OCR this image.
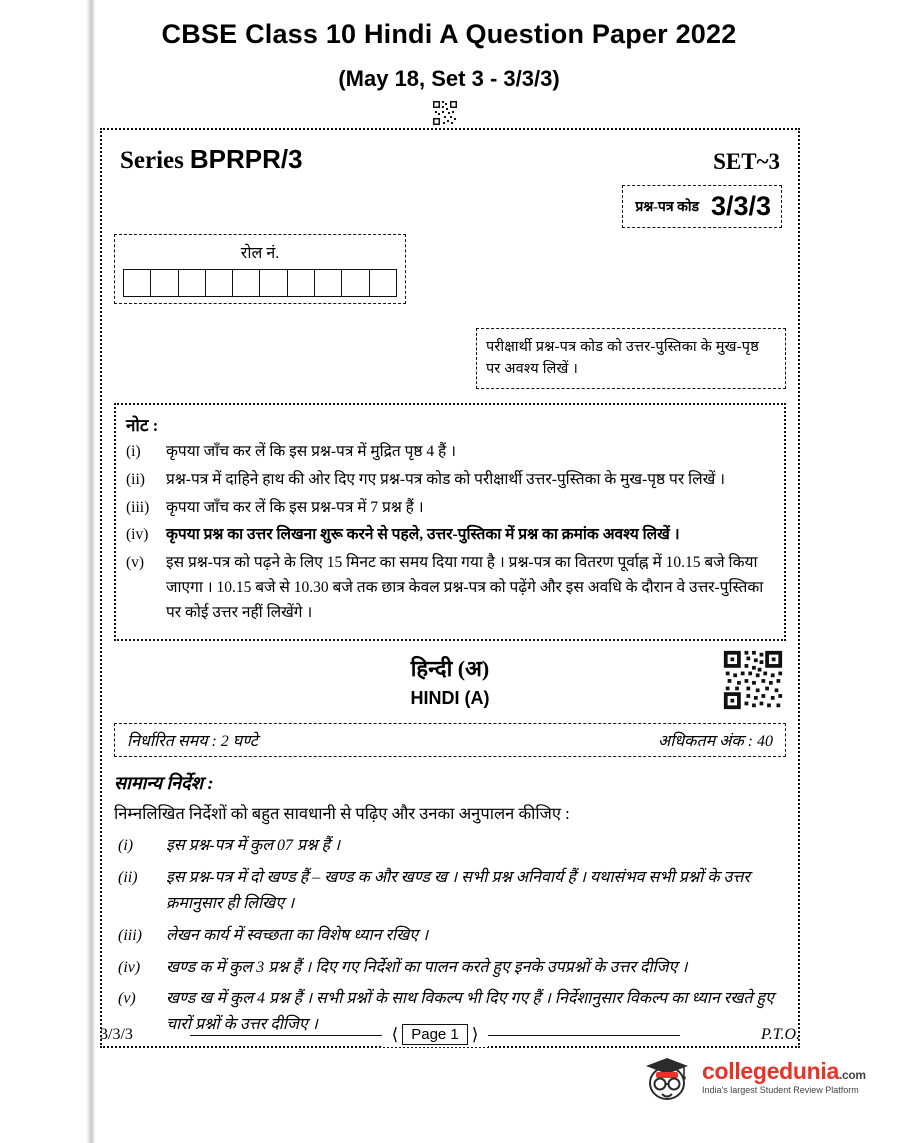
CBSE Class 10 Hindi A Question Paper 2022
(May 18, Set 3 - 3/3/3)
Series BPRPR/3	SET~3
प्रश्न-पत्र कोड 3/3/3
रोल नं.
परीक्षार्थी प्रश्न-पत्र कोड को उत्तर-पुस्तिका के मुख-पृष्ठ पर अवश्य लिखें ।
नोट :
(i)	कृपया जाँच कर लें कि इस प्रश्न-पत्र में मुद्रित पृष्ठ 4 हैं ।
(ii)	प्रश्न-पत्र में दाहिने हाथ की ओर दिए गए प्रश्न-पत्र कोड को परीक्षार्थी उत्तर-पुस्तिका के मुख-पृष्ठ पर लिखें ।
(iii)	कृपया जाँच कर लें कि इस प्रश्न-पत्र में 7 प्रश्न हैं ।
(iv)	कृपया प्रश्न का उत्तर लिखना शुरू करने से पहले, उत्तर-पुस्तिका में प्रश्न का क्रमांक अवश्य लिखें ।
(v)	इस प्रश्न-पत्र को पढ़ने के लिए 15 मिनट का समय दिया गया है । प्रश्न-पत्र का वितरण पूर्वाह्न में 10.15 बजे किया जाएगा । 10.15 बजे से 10.30 बजे तक छात्र केवल प्रश्न-पत्र को पढ़ेंगे और इस अवधि के दौरान वे उत्तर-पुस्तिका पर कोई उत्तर नहीं लिखेंगे ।
हिन्दी (अ)
HINDI (A)
निर्धारित समय : 2 घण्टे	अधिकतम अंक : 40
सामान्य निर्देश :
निम्नलिखित निर्देशों को बहुत सावधानी से पढ़िए और उनका अनुपालन कीजिए :
(i)	इस प्रश्न-पत्र में कुल 07 प्रश्न हैं ।
(ii)	इस प्रश्न-पत्र में दो खण्ड हैं – खण्ड क और खण्ड ख । सभी प्रश्न अनिवार्य हैं । यथासंभव सभी प्रश्नों के उत्तर क्रमानुसार ही लिखिए ।
(iii)	लेखन कार्य में स्वच्छता का विशेष ध्यान रखिए ।
(iv)	खण्ड क में कुल 3 प्रश्न हैं । दिए गए निर्देशों का पालन करते हुए इनके उपप्रश्नों के उत्तर दीजिए ।
(v)	खण्ड ख में कुल 4 प्रश्न हैं । सभी प्रश्नों के साथ विकल्प भी दिए गए हैं । निर्देशानुसार विकल्प का ध्यान रखते हुए चारों प्रश्नों के उत्तर दीजिए ।
3/3/3	⟨ Page 1 ⟩	P.T.O.
collegedunia.com
India's largest Student Review Platform
